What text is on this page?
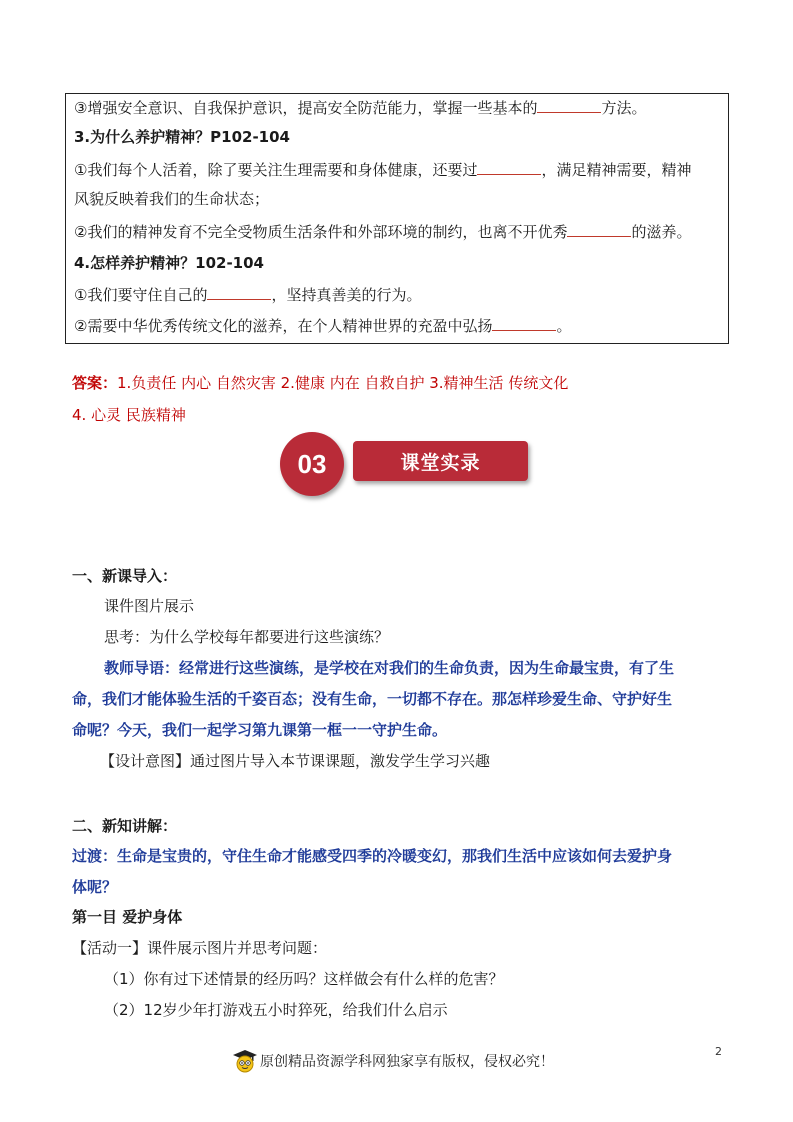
③增强安全意识、自我保护意识，提高安全防范能力，掌握一些基本的	方法。
3.为什么养护精神？P102-104
①我们每个人活着，除了要关注生理需要和身体健康，还要过	，满足精神需要，精神
风貌反映着我们的生命状态；
②我们的精神发育不完全受物质生活条件和外部环境的制约，也离不开优秀	的滋养。
4.怎样养护精神？102-104
①我们要守住自己的	，坚持真善美的行为。
②需要中华优秀传统文化的滋养，在个人精神世界的充盈中弘扬	。
答案：1.负责任 内心 自然灾害 2.健康 内在 自救自护 3.精神生活 传统文化
4. 心灵 民族精神
课堂实录
03
一、新课导入：
课件图片展示
思考：为什么学校每年都要进行这些演练？
教师导语：经常进行这些演练，是学校在对我们的生命负责，因为生命最宝贵，有了生
命，我们才能体验生活的千姿百态；没有生命，一切都不存在。那怎样珍爱生命、守护好生
命呢？今天，我们一起学习第九课第一框一一守护生命。
【设计意图】通过图片导入本节课课题，激发学生学习兴趣
二、新知讲解：
过渡：生命是宝贵的，守住生命才能感受四季的冷暖变幻，那我们生活中应该如何去爱护身
体呢？
第一目 爱护身体
【活动一】课件展示图片并思考问题：
（1）你有过下述情景的经历吗？这样做会有什么样的危害？
（2）12岁少年打游戏五小时猝死，给我们什么启示
2
原创精品资源学科网独家享有版权，侵权必究！
